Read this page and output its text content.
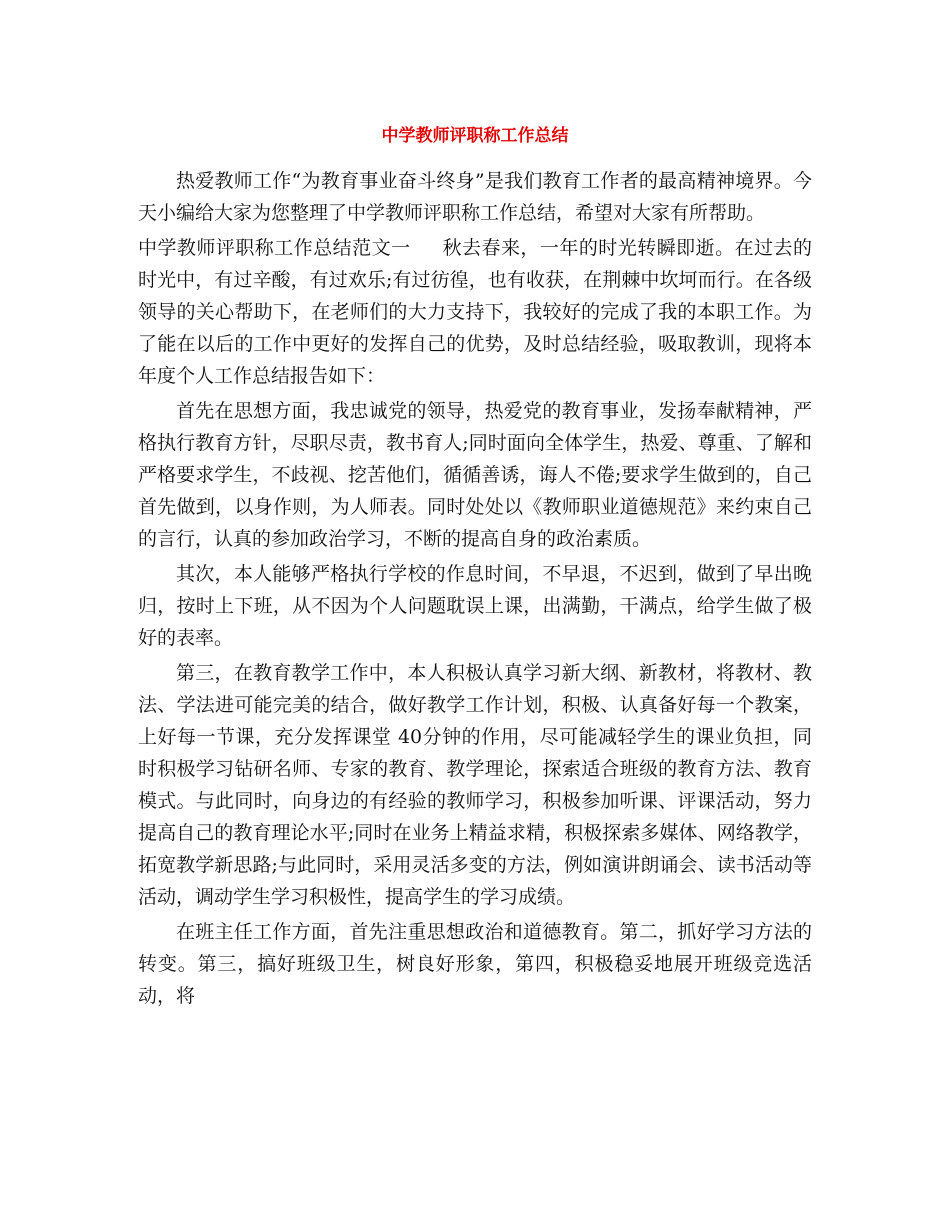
中学教师评职称工作总结

热爱教师工作“为教育事业奋斗终身”是我们教育工作者的最高精神境界。今天小编给大家为您整理了中学教师评职称工作总结，希望对大家有所帮助。

中学教师评职称工作总结范文一 秋去春来，一年的时光转瞬即逝。在过去的时光中，有过辛酸，有过欢乐;有过彷徨，也有收获，在荆棘中坎坷而行。在各级领导的关心帮助下，在老师们的大力支持下，我较好的完成了我的本职工作。为了能在以后的工作中更好的发挥自己的优势，及时总结经验，吸取教训，现将本年度个人工作总结报告如下：

首先在思想方面，我忠诚党的领导，热爱党的教育事业，发扬奉献精神，严格执行教育方针，尽职尽责，教书育人;同时面向全体学生，热爱、尊重、了解和严格要求学生，不歧视、挖苦他们，循循善诱，诲人不倦;要求学生做到的，自己首先做到，以身作则，为人师表。同时处处以《教师职业道德规范》来约束自己的言行，认真的参加政治学习，不断的提高自身的政治素质。

其次，本人能够严格执行学校的作息时间，不早退，不迟到，做到了早出晚归，按时上下班，从不因为个人问题耽误上课，出满勤，干满点，给学生做了极好的表率。

第三，在教育教学工作中，本人积极认真学习新大纲、新教材，将教材、教法、学法进可能完美的结合，做好教学工作计划，积极、认真备好每一个教案，上好每一节课，充分发挥课堂 40分钟的作用，尽可能减轻学生的课业负担，同时积极学习钻研名师、专家的教育、教学理论，探索适合班级的教育方法、教育模式。与此同时，向身边的有经验的教师学习，积极参加听课、评课活动，努力提高自己的教育理论水平;同时在业务上精益求精，积极探索多媒体、网络教学，拓宽教学新思路;与此同时，采用灵活多变的方法，例如演讲朗诵会、读书活动等活动，调动学生学习积极性，提高学生的学习成绩。

在班主任工作方面，首先注重思想政治和道德教育。第二，抓好学习方法的转变。第三，搞好班级卫生，树良好形象，第四，积极稳妥地展开班级竞选活动，将
